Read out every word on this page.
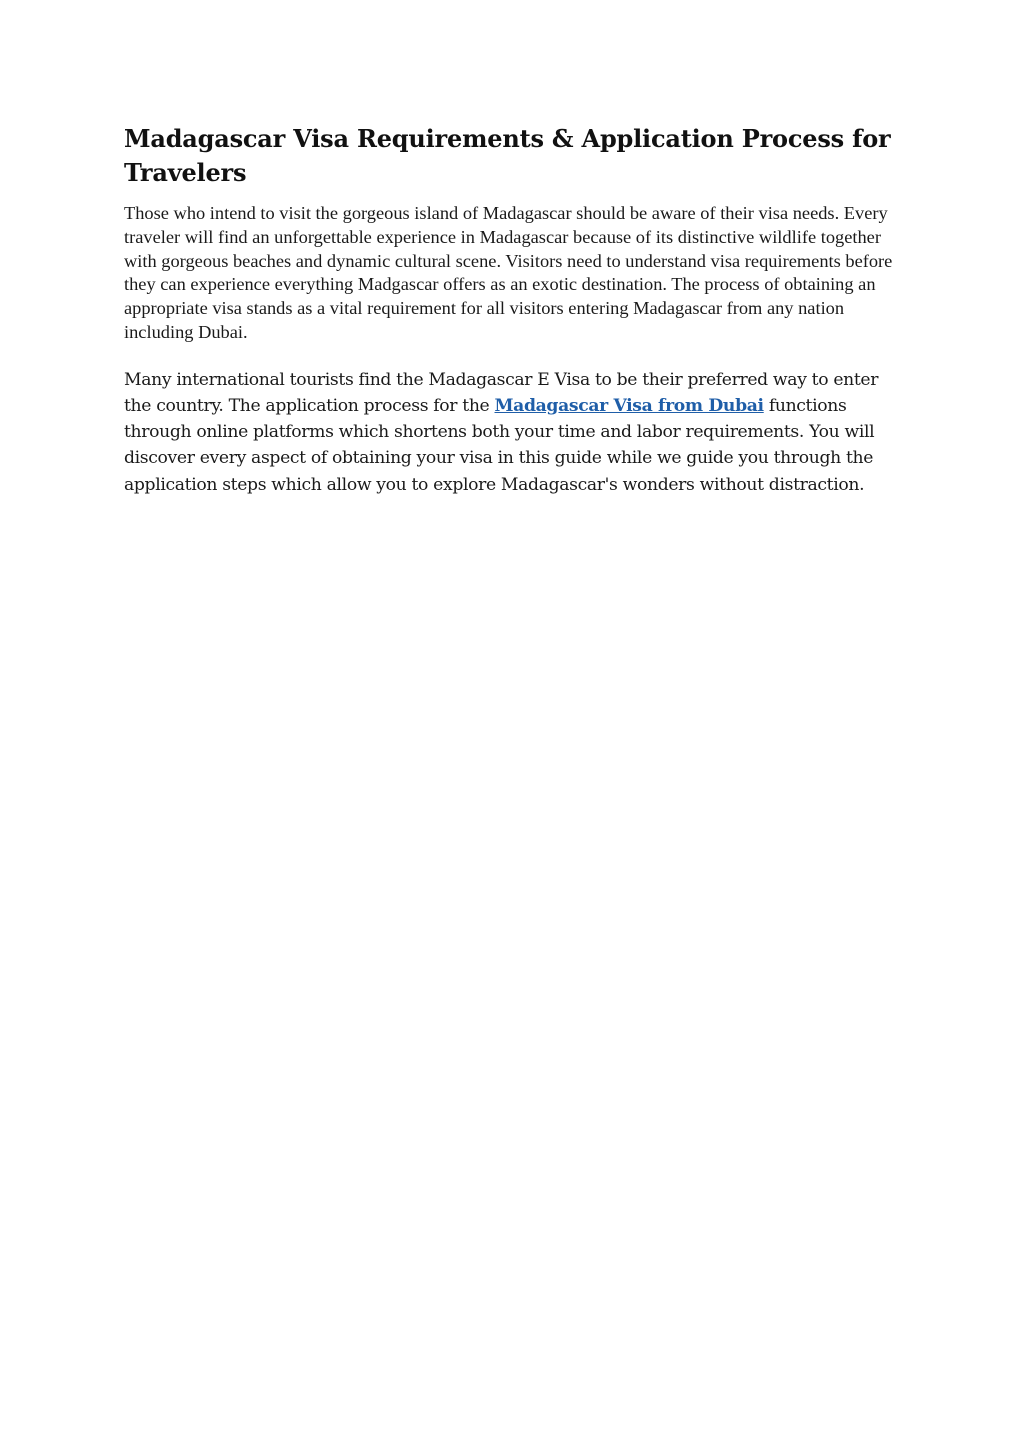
Madagascar Visa Requirements & Application Process for Travelers

Those who intend to visit the gorgeous island of Madagascar should be aware of their visa needs. Every traveler will find an unforgettable experience in Madagascar because of its distinctive wildlife together with gorgeous beaches and dynamic cultural scene. Visitors need to understand visa requirements before they can experience everything Madgascar offers as an exotic destination. The process of obtaining an appropriate visa stands as a vital requirement for all visitors entering Madagascar from any nation including Dubai.

Many international tourists find the Madagascar E Visa to be their preferred way to enter the country. The application process for the Madagascar Visa from Dubai functions through online platforms which shortens both your time and labor requirements. You will discover every aspect of obtaining your visa in this guide while we guide you through the application steps which allow you to explore Madagascar's wonders without distraction.
